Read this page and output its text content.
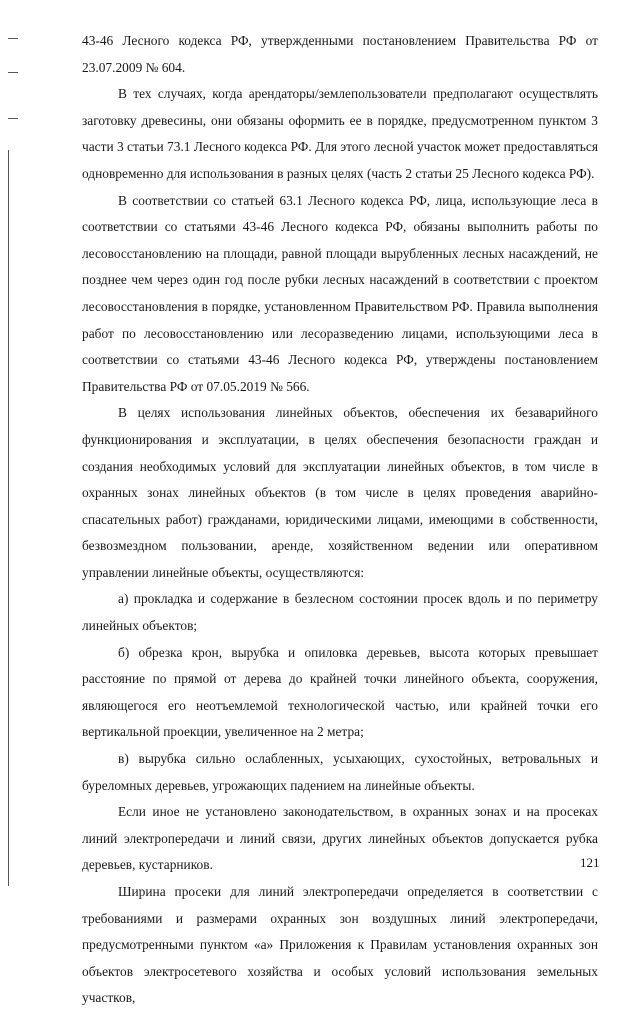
43-46 Лесного кодекса РФ, утвержденными постановлением Правительства РФ от 23.07.2009 № 604.

В тех случаях, когда арендаторы/землепользователи предполагают осуществлять заготовку древесины, они обязаны оформить ее в порядке, предусмотренном пунктом 3 части 3 статьи 73.1 Лесного кодекса РФ. Для этого лесной участок может предоставляться одновременно для использования в разных целях (часть 2 статьи 25 Лесного кодекса РФ).

В соответствии со статьей 63.1 Лесного кодекса РФ, лица, использующие леса в соответствии со статьями 43-46 Лесного кодекса РФ, обязаны выполнить работы по лесовосстановлению на площади, равной площади вырубленных лесных насаждений, не позднее чем через один год после рубки лесных насаждений в соответствии с проектом лесовосстановления в порядке, установленном Правительством РФ. Правила выполнения работ по лесовосстановлению или лесоразведению лицами, использующими леса в соответствии со статьями 43-46 Лесного кодекса РФ, утверждены постановлением Правительства РФ от 07.05.2019 № 566.

В целях использования линейных объектов, обеспечения их безаварийного функционирования и эксплуатации, в целях обеспечения безопасности граждан и создания необходимых условий для эксплуатации линейных объектов, в том числе в охранных зонах линейных объектов (в том числе в целях проведения аварийно-спасательных работ) гражданами, юридическими лицами, имеющими в собственности, безвозмездном пользовании, аренде, хозяйственном ведении или оперативном управлении линейные объекты, осуществляются:

а) прокладка и содержание в безлесном состоянии просек вдоль и по периметру линейных объектов;

б) обрезка крон, вырубка и опиловка деревьев, высота которых превышает расстояние по прямой от дерева до крайней точки линейного объекта, сооружения, являющегося его неотъемлемой технологической частью, или крайней точки его вертикальной проекции, увеличенное на 2 метра;

в) вырубка сильно ослабленных, усыхающих, сухостойных, ветровальных и буреломных деревьев, угрожающих падением на линейные объекты.

Если иное не установлено законодательством, в охранных зонах и на просеках линий электропередачи и линий связи, других линейных объектов допускается рубка деревьев, кустарников.

Ширина просеки для линий электропередачи определяется в соответствии с требованиями и размерами охранных зон воздушных линий электропередачи, предусмотренными пунктом «а» Приложения к Правилам установления охранных зон объектов электросетевого хозяйства и особых условий использования земельных участков,

121
